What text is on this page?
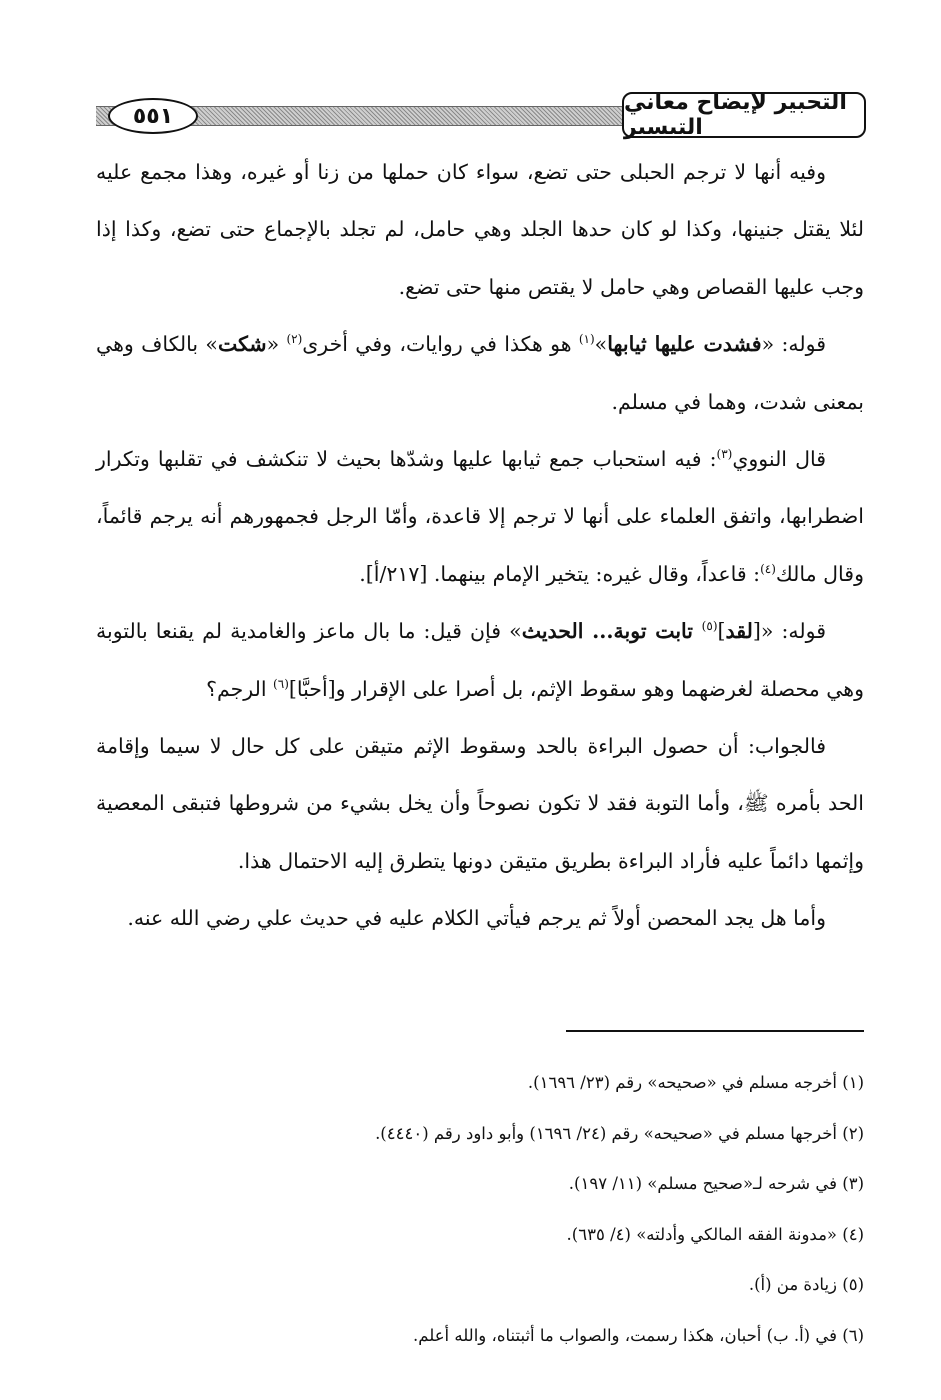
٥٥١
التحبير لإيضاح معاني التيسير

وفيه أنها لا ترجم الحبلى حتى تضع، سواء كان حملها من زنا أو غيره، وهذا مجمع عليه لئلا يقتل جنينها، وكذا لو كان حدها الجلد وهي حامل، لم تجلد بالإجماع حتى تضع، وكذا إذا وجب عليها القصاص وهي حامل لا يقتص منها حتى تضع.

قوله: «فشدت عليها ثيابها»$^{(١)}$ هو هكذا في روايات، وفي أخرى$^{(٢)}$ «شكت» بالكاف وهي بمعنى شدت، وهما في مسلم.

قال النووي$^{(٣)}$: فيه استحباب جمع ثيابها عليها وشدّها بحيث لا تنكشف في تقلبها وتكرار اضطرابها، واتفق العلماء على أنها لا ترجم إلا قاعدة، وأمّا الرجل فجمهورهم أنه يرجم قائماً، وقال مالك$^{(٤)}$: قاعداً، وقال غيره: يتخير الإمام بينهما. [٢١٧/أ].

قوله: «[لقد]$^{(٥)}$ تابت توبة... الحديث» فإن قيل: ما بال ماعز والغامدية لم يقنعا بالتوبة وهي محصلة لغرضهما وهو سقوط الإثم، بل أصرا على الإقرار و[أحبَّا]$^{(٦)}$ الرجم؟

فالجواب: أن حصول البراءة بالحد وسقوط الإثم متيقن على كل حال لا سيما وإقامة الحد بأمره ﷺ، وأما التوبة فقد لا تكون نصوحاً وأن يخل بشيء من شروطها فتبقى المعصية وإثمها دائماً عليه فأراد البراءة بطريق متيقن دونها يتطرق إليه الاحتمال هذا.

وأما هل يجد المحصن أولاً ثم يرجم فيأتي الكلام عليه في حديث علي رضي الله عنه.

(١) أخرجه مسلم في «صحيحه» رقم (٢٣/ ١٦٩٦).

(٢) أخرجها مسلم في «صحيحه» رقم (٢٤/ ١٦٩٦) وأبو داود رقم (٤٤٤٠).

(٣) في شرحه لـ«صحيح مسلم» (١١/ ١٩٧).

(٤) «مدونة الفقه المالكي وأدلته» (٤/ ٦٣٥).

(٥) زيادة من (أ).

(٦) في (أ. ب) أحبان، هكذا رسمت، والصواب ما أثبتناه، والله أعلم.
